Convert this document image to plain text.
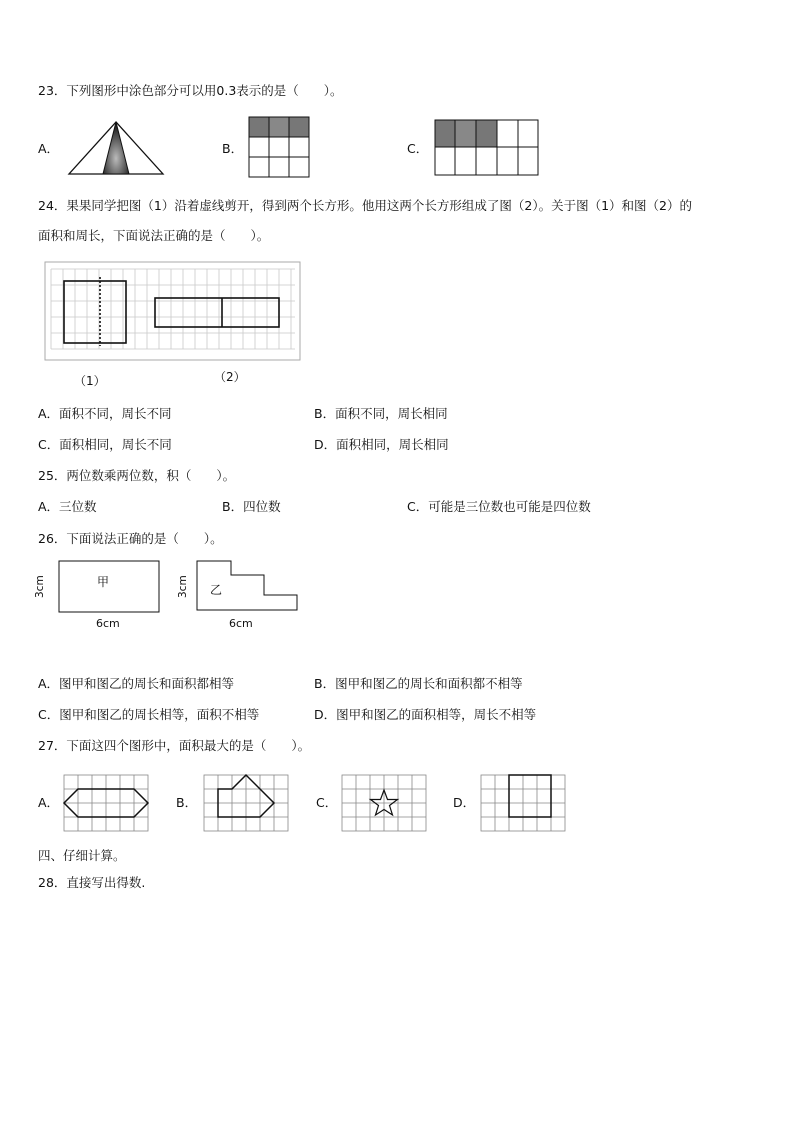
23．下列图形中涂色部分可以用0.3表示的是（　　）。
A．	B．	C．
24．果果同学把图（1）沿着虚线剪开，得到两个长方形。他用这两个长方形组成了图（2）。关于图（1）和图（2）的
面积和周长，下面说法正确的是（　　）。
（1）	（2）
A．面积不同，周长不同	B．面积不同，周长相同
C．面积相同，周长不同	D．面积相同，周长相同
25．两位数乘两位数，积（　　）。
A．三位数	B．四位数	C．可能是三位数也可能是四位数
26．下面说法正确的是（　　）。
甲
3cm
6cm
乙
3cm
6cm
A．图甲和图乙的周长和面积都相等	B．图甲和图乙的周长和面积都不相等
C．图甲和图乙的周长相等，面积不相等	D．图甲和图乙的面积相等，周长不相等
27．下面这四个图形中，面积最大的是（　　）。
A．	B．	C．	D．
四、仔细计算。
28．直接写出得数.
